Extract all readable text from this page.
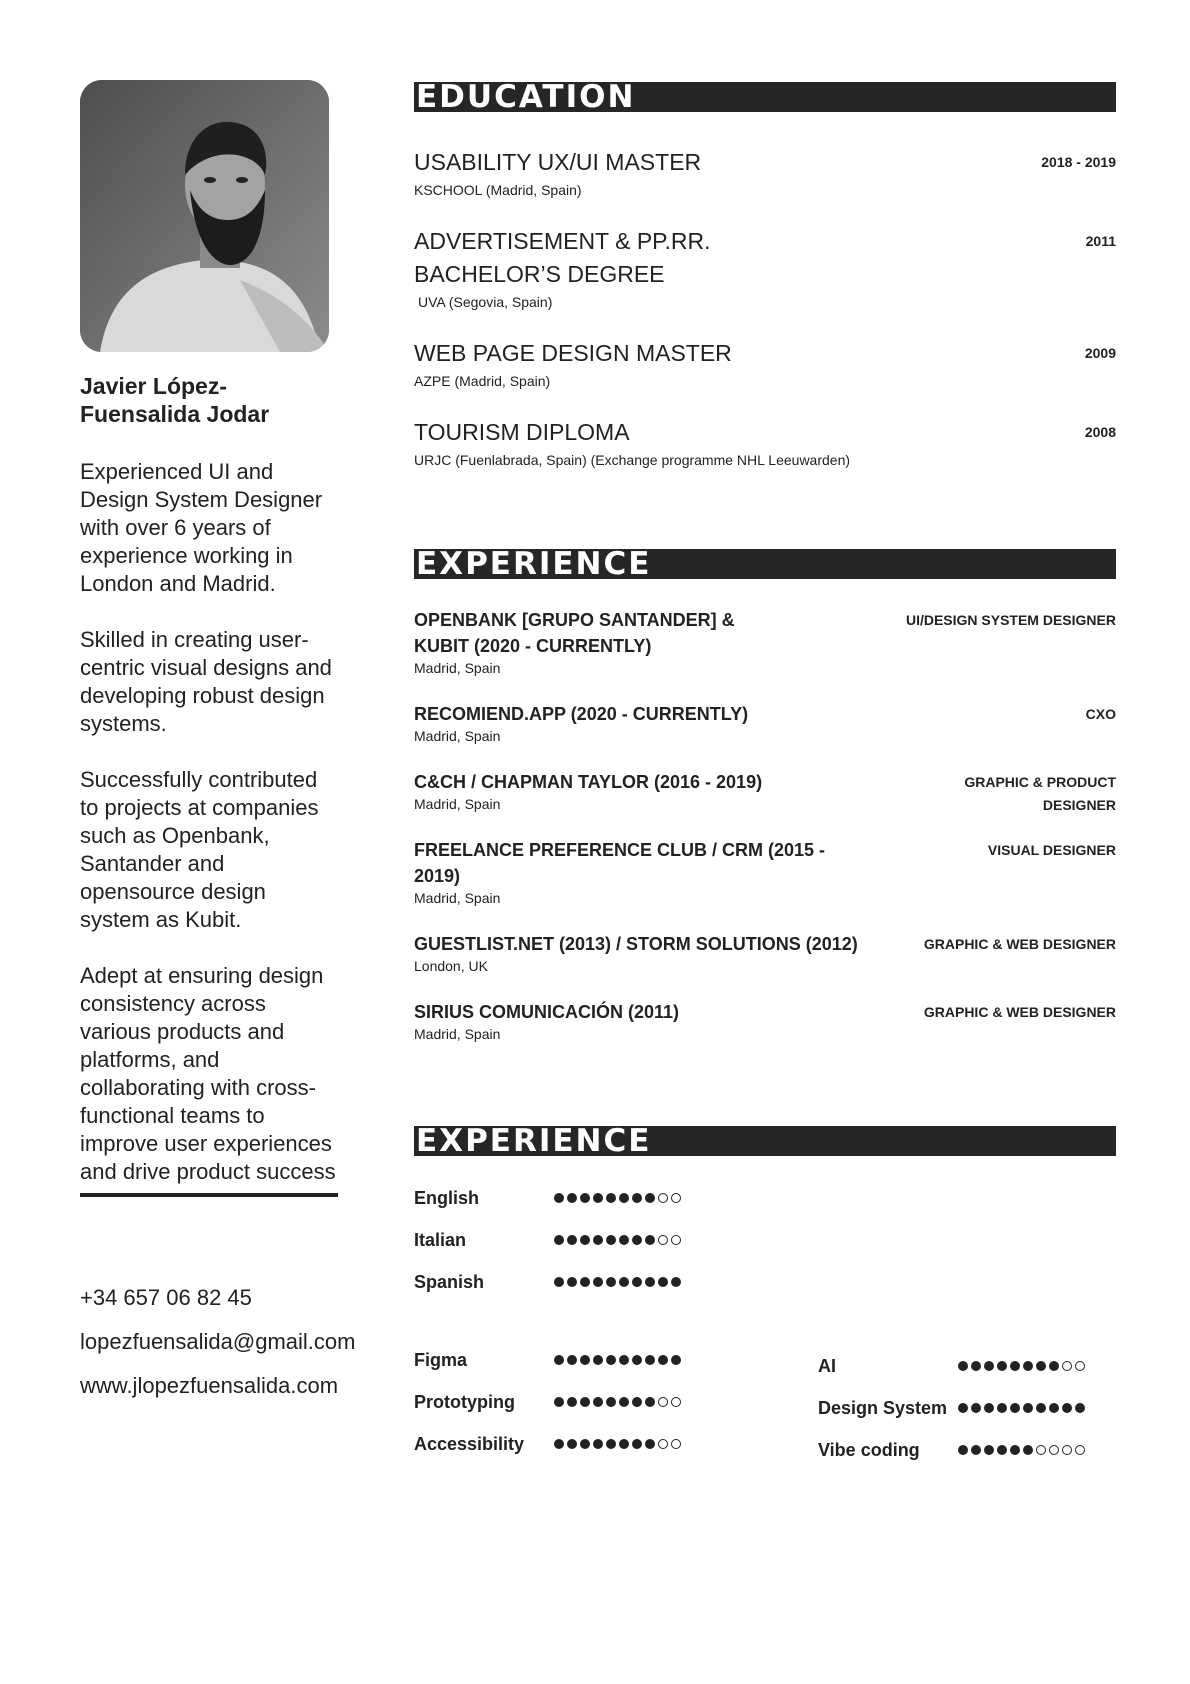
Javier López-Fuensalida Jodar

Experienced UI and Design System Designer with over 6 years of experience working in London and Madrid.

Skilled in creating user-centric visual designs and developing robust design systems.

Successfully contributed to projects at companies such as Openbank, Santander and opensource design system as Kubit.

Adept at ensuring design consistency across various products and platforms, and collaborating with cross-functional teams to improve user experiences and drive product success

+34 657 06 82 45
lopezfuensalida@gmail.com
www.jlopezfuensalida.com
EDUCATION
USABILITY UX/UI MASTER
KSCHOOL (Madrid, Spain)
2018 - 2019
ADVERTISEMENT & PP.RR. BACHELOR’S DEGREE
UVA (Segovia, Spain)
2011
WEB PAGE DESIGN MASTER
AZPE (Madrid, Spain)
2009
TOURISM DIPLOMA
URJC (Fuenlabrada, Spain) (Exchange programme NHL Leeuwarden)
2008
EXPERIENCE
OPENBANK [GRUPO SANTANDER] & KUBIT (2020 - CURRENTLY)
Madrid, Spain
UI/DESIGN SYSTEM DESIGNER
RECOMIEND.APP (2020 - CURRENTLY)
Madrid, Spain
CXO
C&CH / CHAPMAN TAYLOR (2016 - 2019)
Madrid, Spain
GRAPHIC & PRODUCT DESIGNER
FREELANCE PREFERENCE CLUB / CRM (2015 - 2019)
Madrid, Spain
VISUAL DESIGNER
GUESTLIST.NET (2013) / STORM SOLUTIONS (2012)
London, UK
GRAPHIC & WEB DESIGNER
SIRIUS COMUNICACIÓN (2011)
Madrid, Spain
GRAPHIC & WEB DESIGNER
EXPERIENCE
English
Italian
Spanish
Figma
Prototyping
Accessibility
AI
Design System
Vibe coding
